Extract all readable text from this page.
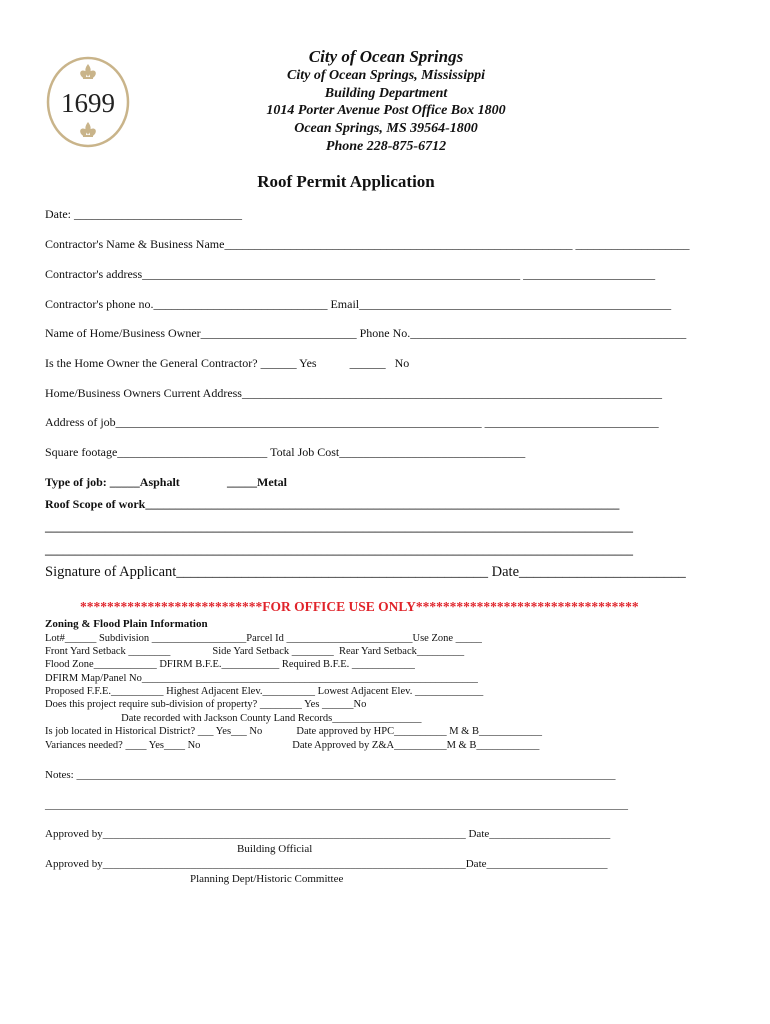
1699
City of Ocean Springs
City of Ocean Springs, Mississippi
Building Department
1014 Porter Avenue Post Office Box 1800
Ocean Springs, MS 39564-1800
Phone 228-875-6712
Roof Permit Application
Date: ____________________________
Contractor's Name & Business Name__________________________________________________________ ___________________
Contractor's address_______________________________________________________________ ______________________
Contractor's phone no._____________________________ Email____________________________________________________
Name of Home/Business Owner__________________________ Phone No.______________________________________________
Is the Home Owner the General Contractor? ______ Yes           ______   No
Home/Business Owners Current Address______________________________________________________________________
Address of job_____________________________________________________________ _____________________________
Square footage_________________________ Total Job Cost_______________________________
Type of job: _____Asphalt	_____Metal
Roof Scope of work_______________________________________________________________________________
__________________________________________________________________________________________________
__________________________________________________________________________________________________
Signature of Applicant___________________________________________ Date_______________________
***************************FOR OFFICE USE ONLY*********************************
Zoning & Flood Plain Information
Lot#______ Subdivision __________________Parcel Id ________________________Use Zone _____
Front Yard Setback ________                Side Yard Setback ________  Rear Yard Setback_________
Flood Zone____________ DFIRM B.F.E.___________ Required B.F.E. ____________
DFIRM Map/Panel No________________________________________________________________
Proposed F.F.E.__________ Highest Adjacent Elev.__________ Lowest Adjacent Elev. _____________
Does this project require sub-division of property? ________ Yes ______No
Date recorded with Jackson County Land Records_________________
Is job located in Historical District? ___ Yes___ No             Date approved by HPC__________ M & B____________
Variances needed? ____ Yes____ No                                   Date Approved by Z&A__________M & B____________
Notes: __________________________________________________________________________________________________
__________________________________________________________________________________________________________
Approved by__________________________________________________________________ Date______________________
Building Official
Approved by__________________________________________________________________Date______________________
Planning Dept/Historic Committee
